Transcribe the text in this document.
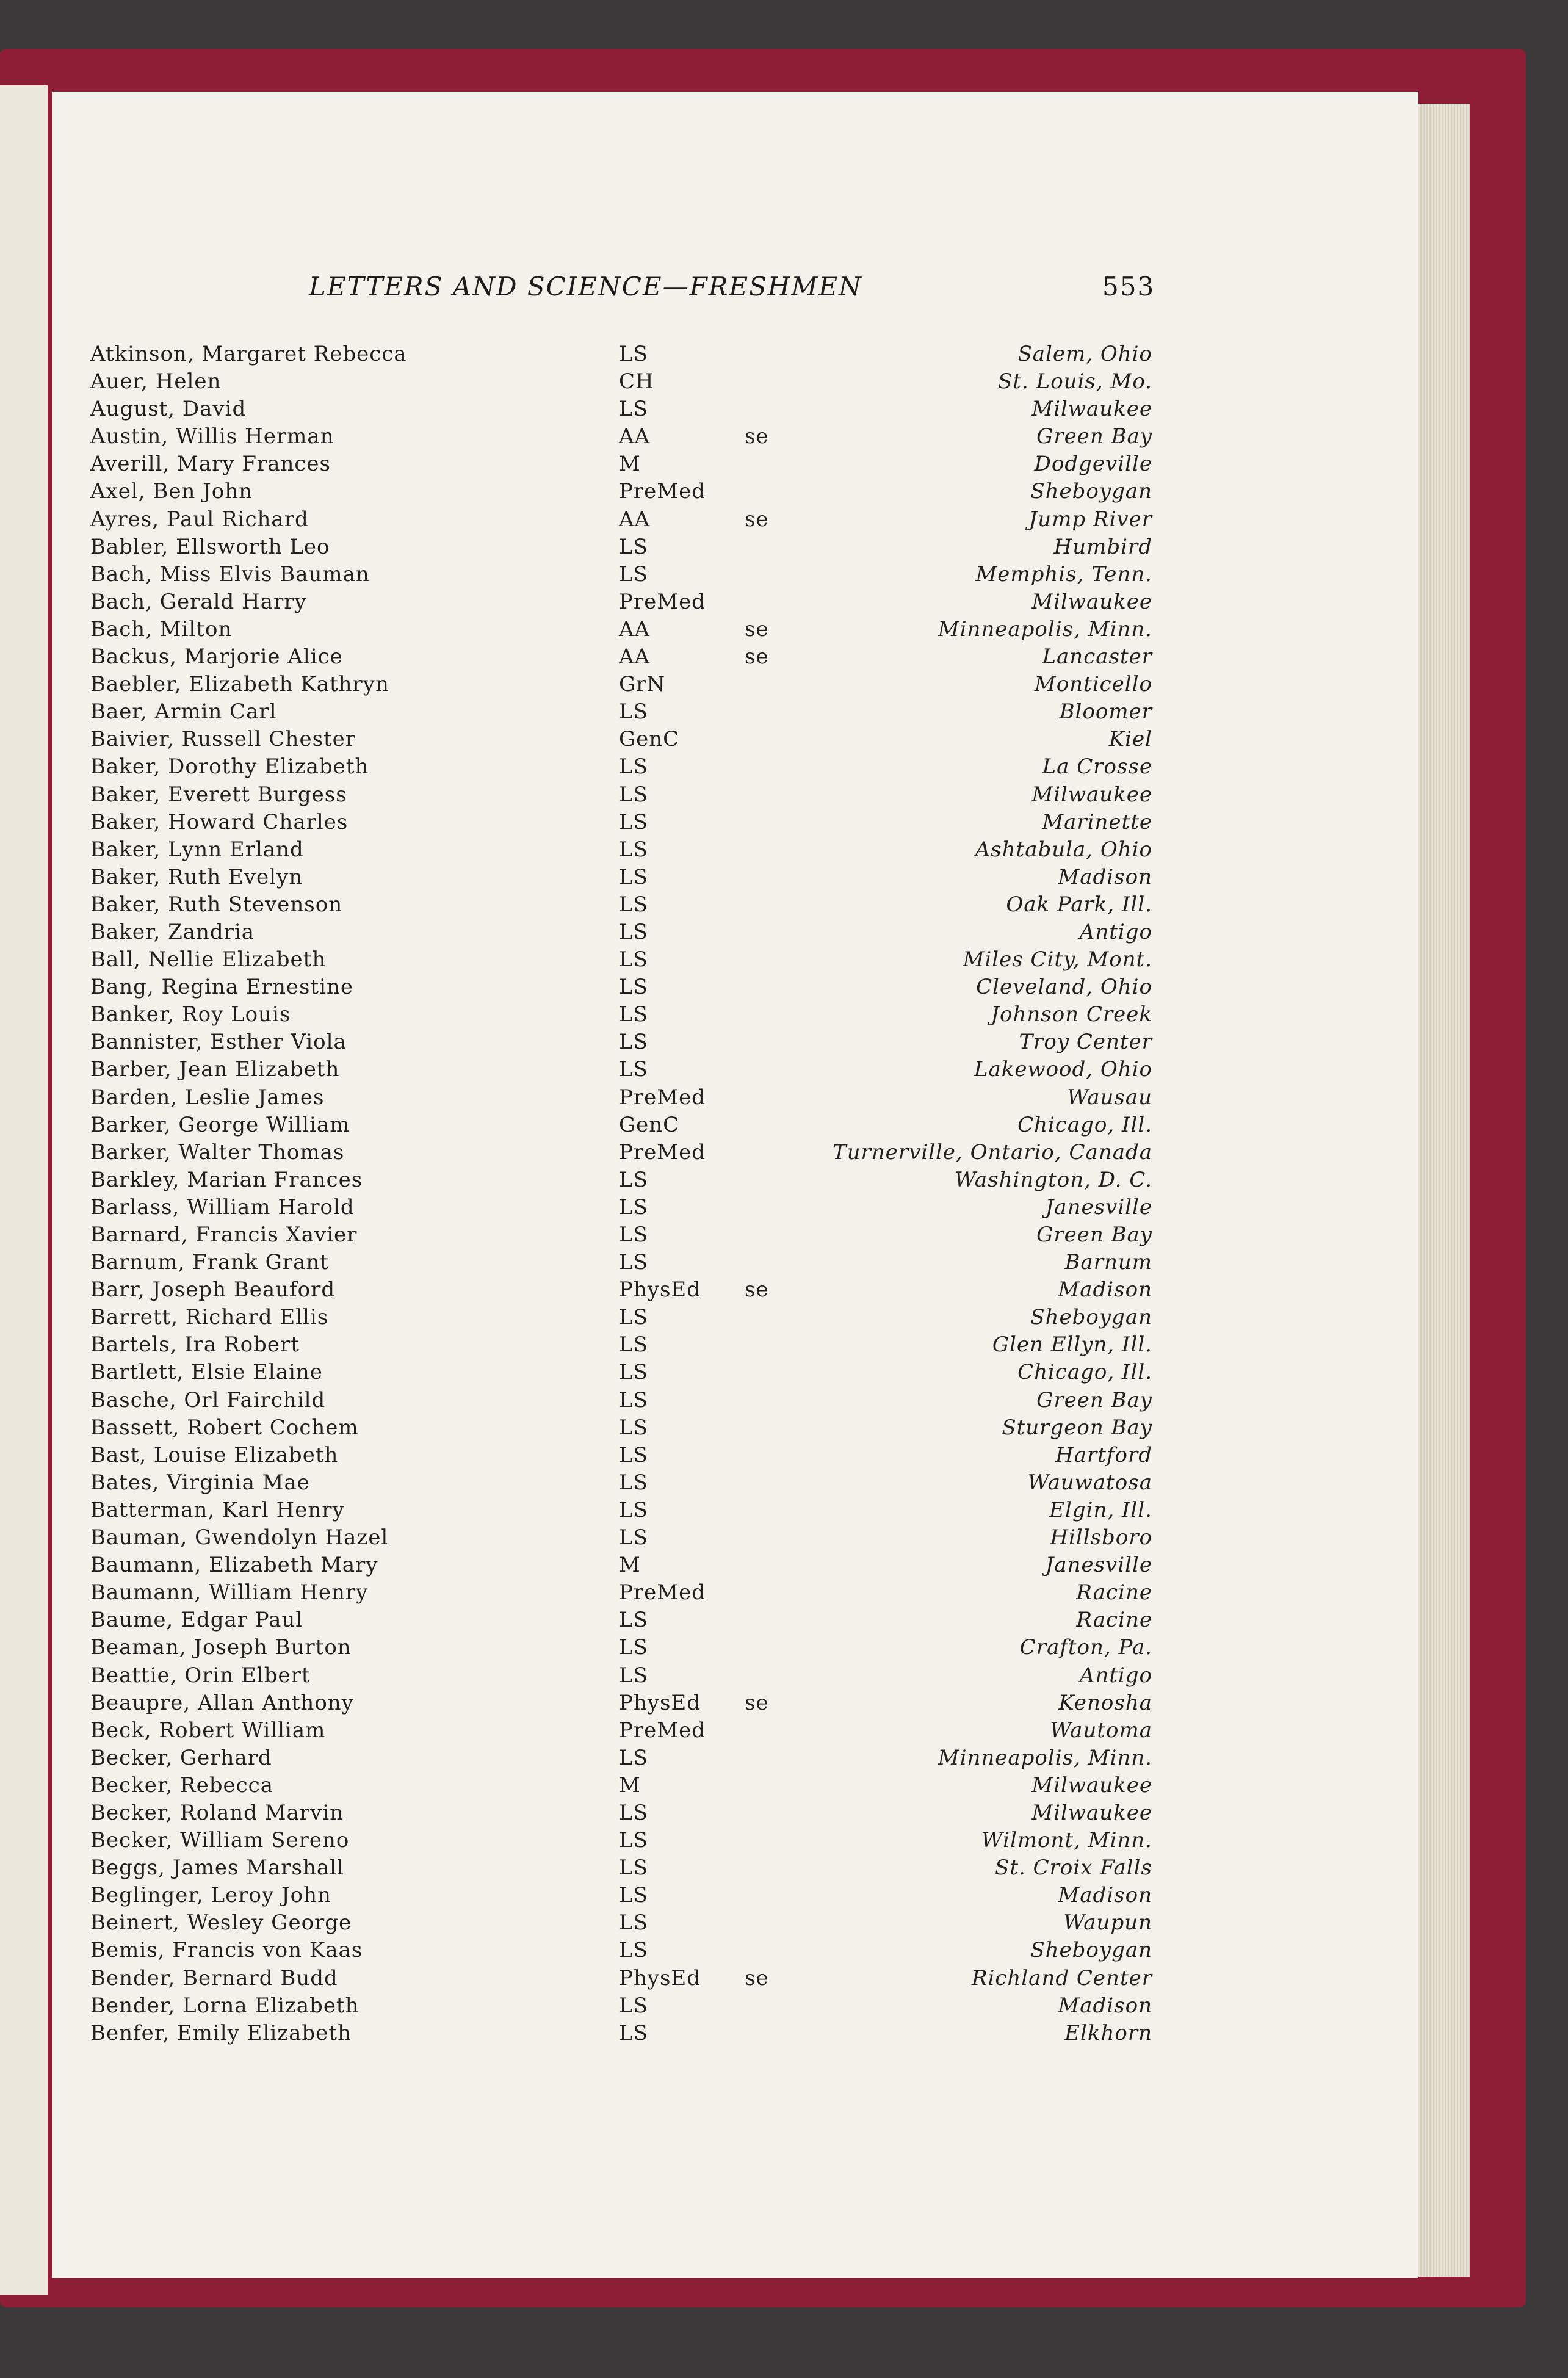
LETTERS AND SCIENCE—FRESHMEN	553
Atkinson, Margaret Rebecca	LS	Salem, Ohio
Auer, Helen	CH	St. Louis, Mo.
August, David	LS	Milwaukee
Austin, Willis Herman	AA	se	Green Bay
Averill, Mary Frances	M	Dodgeville
Axel, Ben John	PreMed	Sheboygan
Ayres, Paul Richard	AA	se	Jump River
Babler, Ellsworth Leo	LS	Humbird
Bach, Miss Elvis Bauman	LS	Memphis, Tenn.
Bach, Gerald Harry	PreMed	Milwaukee
Bach, Milton	AA	se	Minneapolis, Minn.
Backus, Marjorie Alice	AA	se	Lancaster
Baebler, Elizabeth Kathryn	GrN	Monticello
Baer, Armin Carl	LS	Bloomer
Baivier, Russell Chester	GenC	Kiel
Baker, Dorothy Elizabeth	LS	La Crosse
Baker, Everett Burgess	LS	Milwaukee
Baker, Howard Charles	LS	Marinette
Baker, Lynn Erland	LS	Ashtabula, Ohio
Baker, Ruth Evelyn	LS	Madison
Baker, Ruth Stevenson	LS	Oak Park, Ill.
Baker, Zandria	LS	Antigo
Ball, Nellie Elizabeth	LS	Miles City, Mont.
Bang, Regina Ernestine	LS	Cleveland, Ohio
Banker, Roy Louis	LS	Johnson Creek
Bannister, Esther Viola	LS	Troy Center
Barber, Jean Elizabeth	LS	Lakewood, Ohio
Barden, Leslie James	PreMed	Wausau
Barker, George William	GenC	Chicago, Ill.
Barker, Walter Thomas	PreMed	Turnerville, Ontario, Canada
Barkley, Marian Frances	LS	Washington, D. C.
Barlass, William Harold	LS	Janesville
Barnard, Francis Xavier	LS	Green Bay
Barnum, Frank Grant	LS	Barnum
Barr, Joseph Beauford	PhysEd se	Madison
Barrett, Richard Ellis	LS	Sheboygan
Bartels, Ira Robert	LS	Glen Ellyn, Ill.
Bartlett, Elsie Elaine	LS	Chicago, Ill.
Basche, Orl Fairchild	LS	Green Bay
Bassett, Robert Cochem	LS	Sturgeon Bay
Bast, Louise Elizabeth	LS	Hartford
Bates, Virginia Mae	LS	Wauwatosa
Batterman, Karl Henry	LS	Elgin, Ill.
Bauman, Gwendolyn Hazel	LS	Hillsboro
Baumann, Elizabeth Mary	M	Janesville
Baumann, William Henry	PreMed	Racine
Baume, Edgar Paul	LS	Racine
Beaman, Joseph Burton	LS	Crafton, Pa.
Beattie, Orin Elbert	LS	Antigo
Beaupre, Allan Anthony	PhysEd se	Kenosha
Beck, Robert William	PreMed	Wautoma
Becker, Gerhard	LS	Minneapolis, Minn.
Becker, Rebecca	M	Milwaukee
Becker, Roland Marvin	LS	Milwaukee
Becker, William Sereno	LS	Wilmont, Minn.
Beggs, James Marshall	LS	St. Croix Falls
Beglinger, Leroy John	LS	Madison
Beinert, Wesley George	LS	Waupun
Bemis, Francis von Kaas	LS	Sheboygan
Bender, Bernard Budd	PhysEd se	Richland Center
Bender, Lorna Elizabeth	LS	Madison
Benfer, Emily Elizabeth	LS	Elkhorn
